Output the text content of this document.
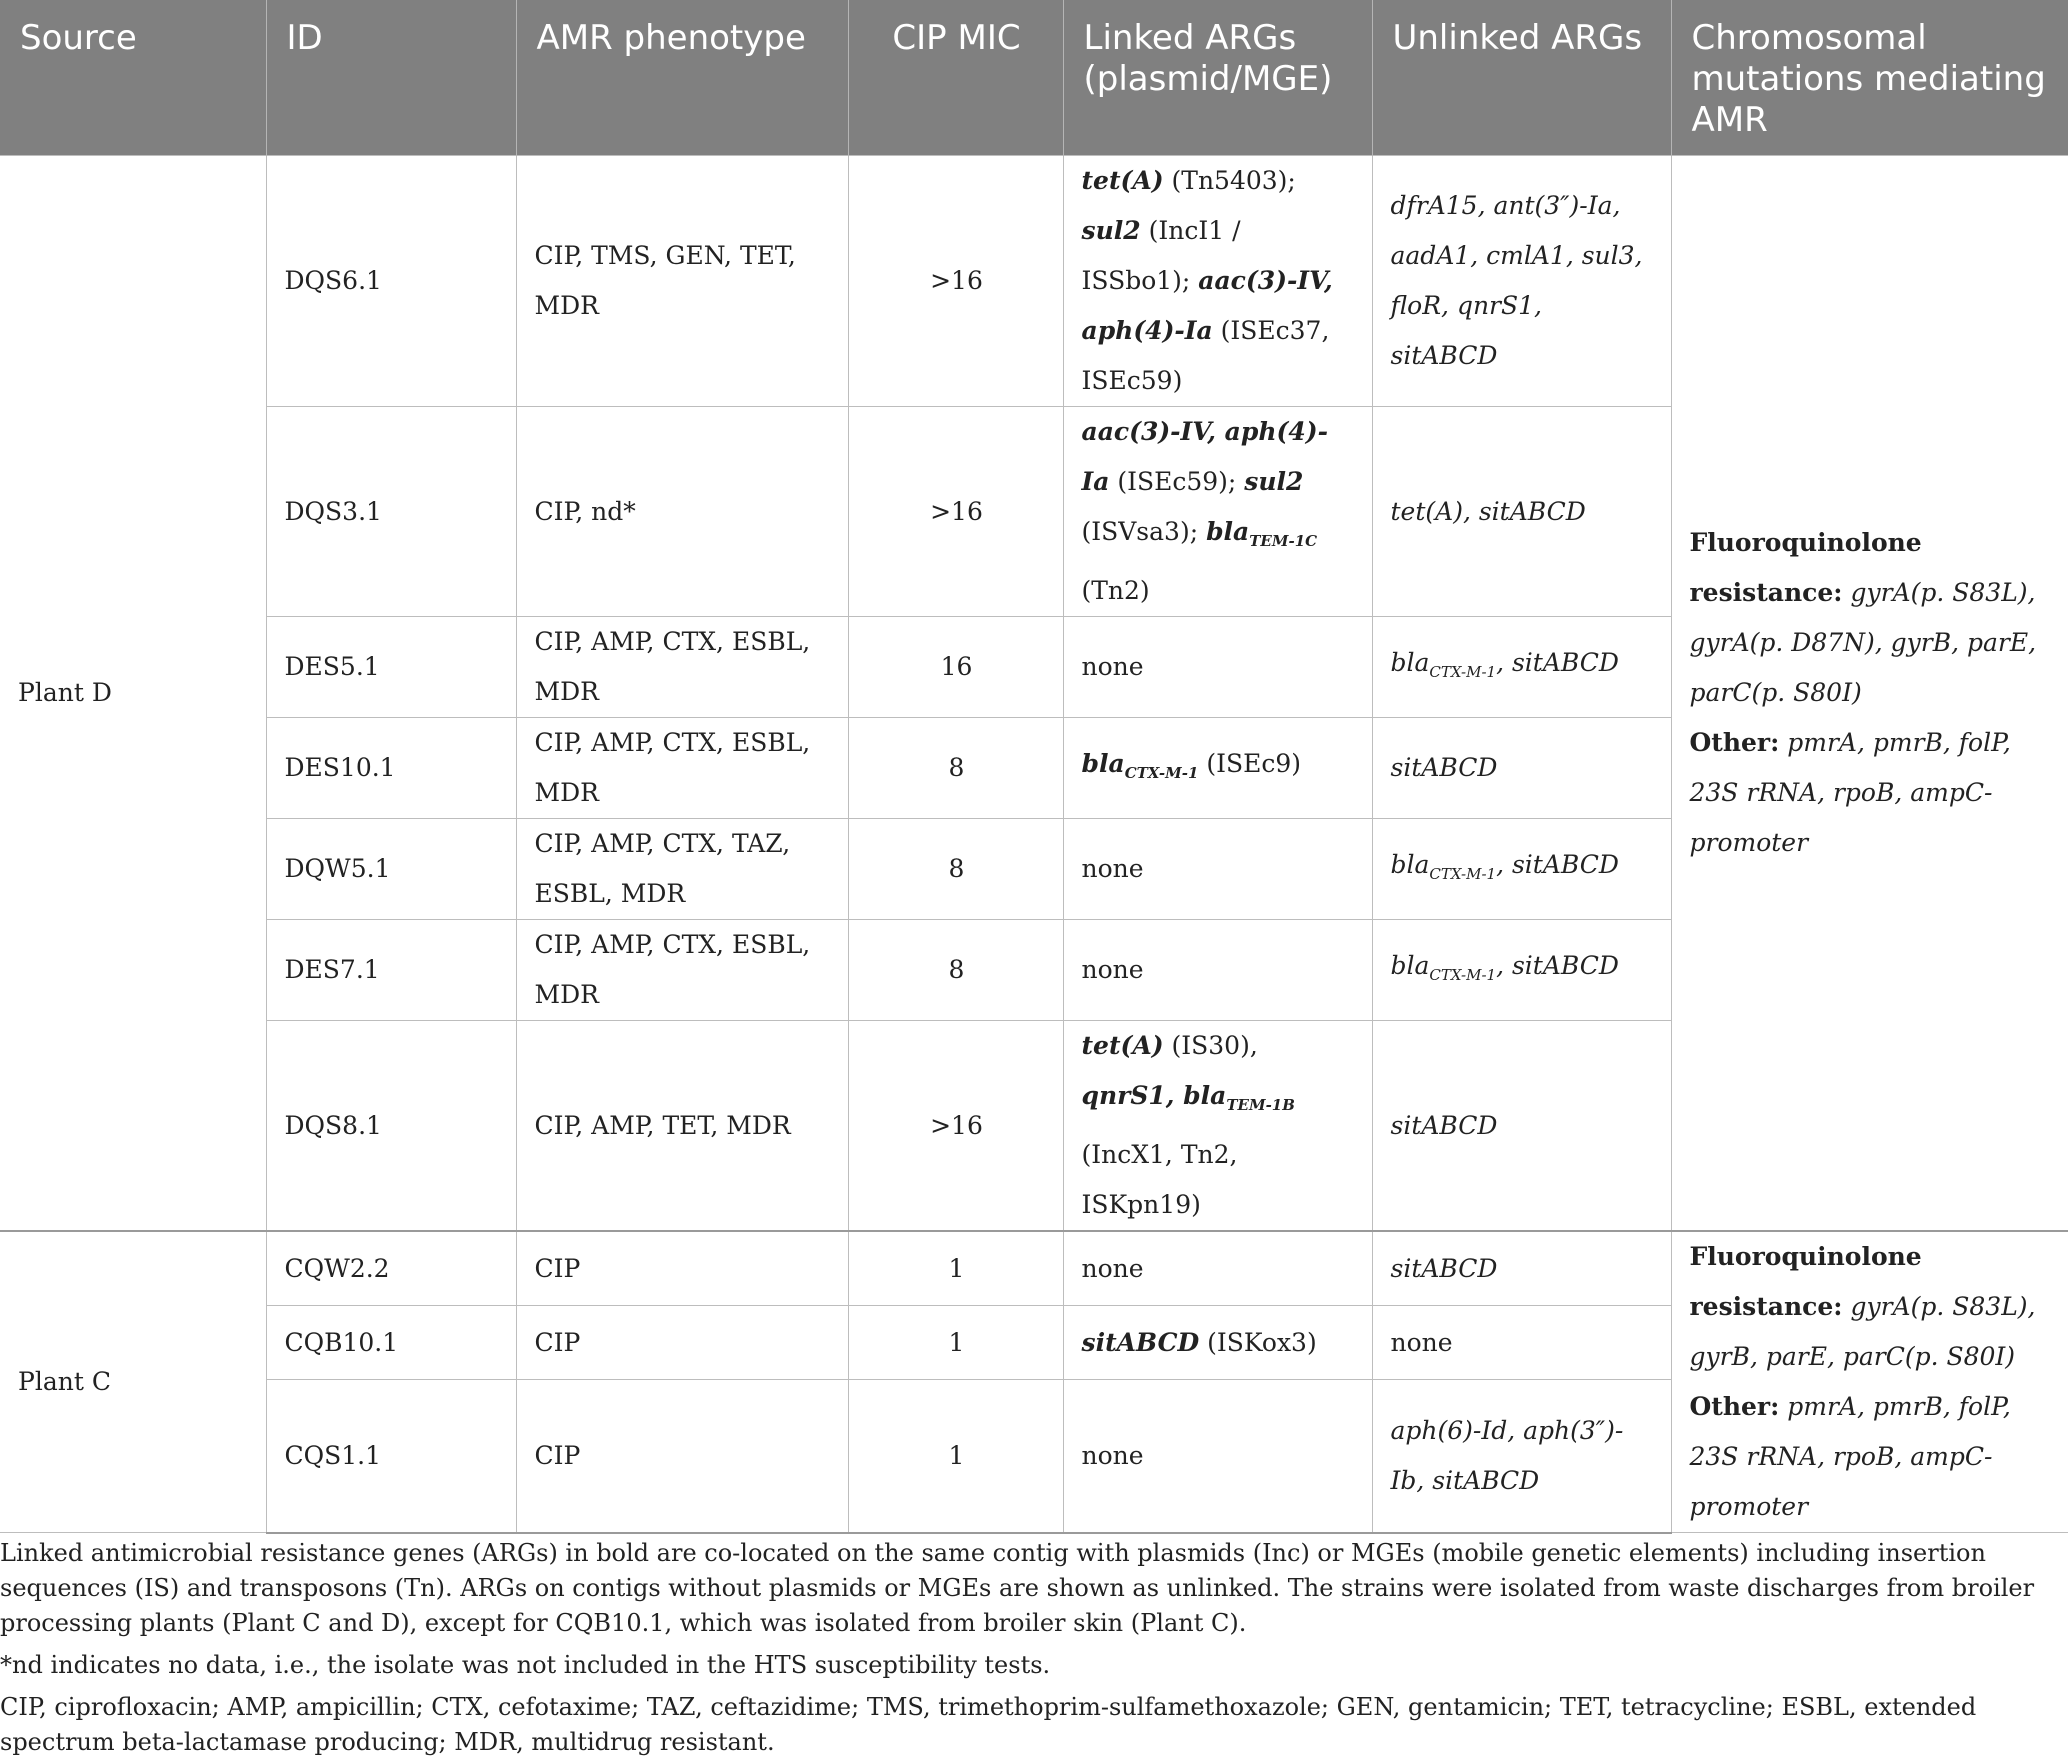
Source	ID	AMR phenotype	CIP MIC	Linked ARGs (plasmid/MGE)	Unlinked ARGs	Chromosomal mutations mediating AMR
Plant D	DQS6.1	CIP, TMS, GEN, TET, MDR	>16	tet(A) (Tn5403); sul2 (IncI1 / ISSbo1); aac(3)-IV, aph(4)-Ia (ISEc37, ISEc59)	dfrA15, ant(3″)-Ia, aadA1, cmlA1, sul3, floR, qnrS1, sitABCD	Fluoroquinolone resistance: gyrA(p. S83L), gyrA(p. D87N), gyrB, parE, parC(p. S80I)
Other: pmrA, pmrB, folP, 23S rRNA, rpoB, ampC-promoter
	DQS3.1	CIP, nd*	>16	aac(3)-IV, aph(4)-Ia (ISEc59); sul2 (ISVsa3); bla$_{TEM-1C}$ (Tn2)	tet(A), sitABCD	
	DES5.1	CIP, AMP, CTX, ESBL, MDR	16	none	bla$_{CTX-M-1}$, sitABCD	
	DES10.1	CIP, AMP, CTX, ESBL, MDR	8	bla$_{CTX-M-1}$ (ISEc9)	sitABCD	
	DQW5.1	CIP, AMP, CTX, TAZ, ESBL, MDR	8	none	bla$_{CTX-M-1}$, sitABCD	
	DES7.1	CIP, AMP, CTX, ESBL, MDR	8	none	bla$_{CTX-M-1}$, sitABCD	
	DQS8.1	CIP, AMP, TET, MDR	>16	tet(A) (IS30), qnrS1, bla$_{TEM-1B}$ (IncX1, Tn2, ISKpn19)	sitABCD	
Plant C	CQW2.2	CIP	1	none	sitABCD	Fluoroquinolone resistance: gyrA(p. S83L), gyrB, parE, parC(p. S80I)
Other: pmrA, pmrB, folP, 23S rRNA, rpoB, ampC-promoter
	CQB10.1	CIP	1	sitABCD (ISKox3)	none	
	CQS1.1	CIP	1	none	aph(6)-Id, aph(3″)-Ib, sitABCD	

Linked antimicrobial resistance genes (ARGs) in bold are co-located on the same contig with plasmids (Inc) or MGEs (mobile genetic elements) including insertion sequences (IS) and transposons (Tn). ARGs on contigs without plasmids or MGEs are shown as unlinked. The strains were isolated from waste discharges from broiler processing plants (Plant C and D), except for CQB10.1, which was isolated from broiler skin (Plant C).

*nd indicates no data, i.e., the isolate was not included in the HTS susceptibility tests.

CIP, ciprofloxacin; AMP, ampicillin; CTX, cefotaxime; TAZ, ceftazidime; TMS, trimethoprim-sulfamethoxazole; GEN, gentamicin; TET, tetracycline; ESBL, extended spectrum beta-lactamase producing; MDR, multidrug resistant.
